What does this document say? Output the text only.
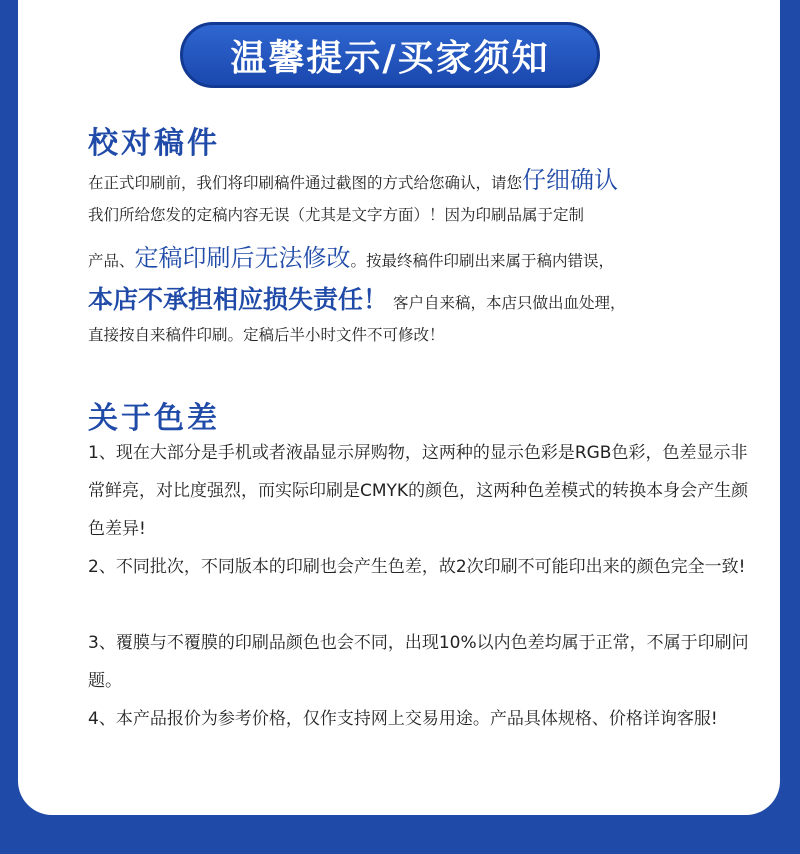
温馨提示/买家须知
校对稿件
在正式印刷前，我们将印刷稿件通过截图的方式给您确认，请您仔细确认
我们所给您发的定稿内容无误（尤其是文字方面）！因为印刷品属于定制
产品、定稿印刷后无法修改。按最终稿件印刷出来属于稿内错误，
本店不承担相应损失责任！ 客户自来稿，本店只做出血处理，
直接按自来稿件印刷。定稿后半小时文件不可修改！
关于色差
1、现在大部分是手机或者液晶显示屏购物，这两种的显示色彩是RGB色彩，色差显示非常鲜亮，对比度强烈，而实际印刷是CMYK的颜色，这两种色差模式的转换本身会产生颜色差异!
2、不同批次，不同版本的印刷也会产生色差，故2次印刷不可能印出来的颜色完全一致!
3、覆膜与不覆膜的印刷品颜色也会不同，出现10%以内色差均属于正常，不属于印刷问题。
4、本产品报价为参考价格，仅作支持网上交易用途。产品具体规格、价格详询客服!
